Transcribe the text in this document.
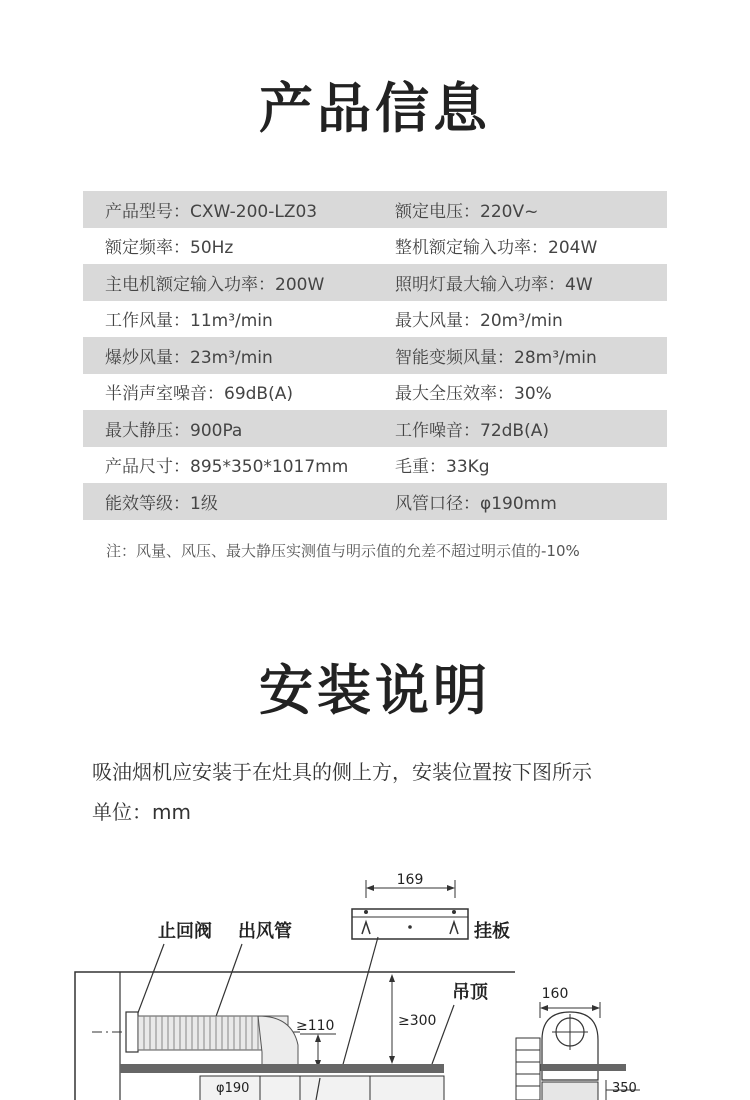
产品信息
产品型号：CXW-200-LZ03	额定电压：220V~
额定频率：50Hz	整机额定输入功率：204W
主电机额定输入功率：200W	照明灯最大输入功率：4W
工作风量：11m³/min	最大风量：20m³/min
爆炒风量：23m³/min	智能变频风量：28m³/min
半消声室噪音：69dB(A)	最大全压效率：30%
最大静压：900Pa	工作噪音：72dB(A)
产品尺寸：895*350*1017mm	毛重：33Kg
能效等级：1级	风管口径：φ190mm
注：风量、风压、最大静压实测值与明示值的允差不超过明示值的-10%
安装说明
吸油烟机应安装于在灶具的侧上方，安装位置按下图所示
单位：mm
169
挂板
止回阀 出风管
≥110	≥300
吊顶
φ190
160
350
